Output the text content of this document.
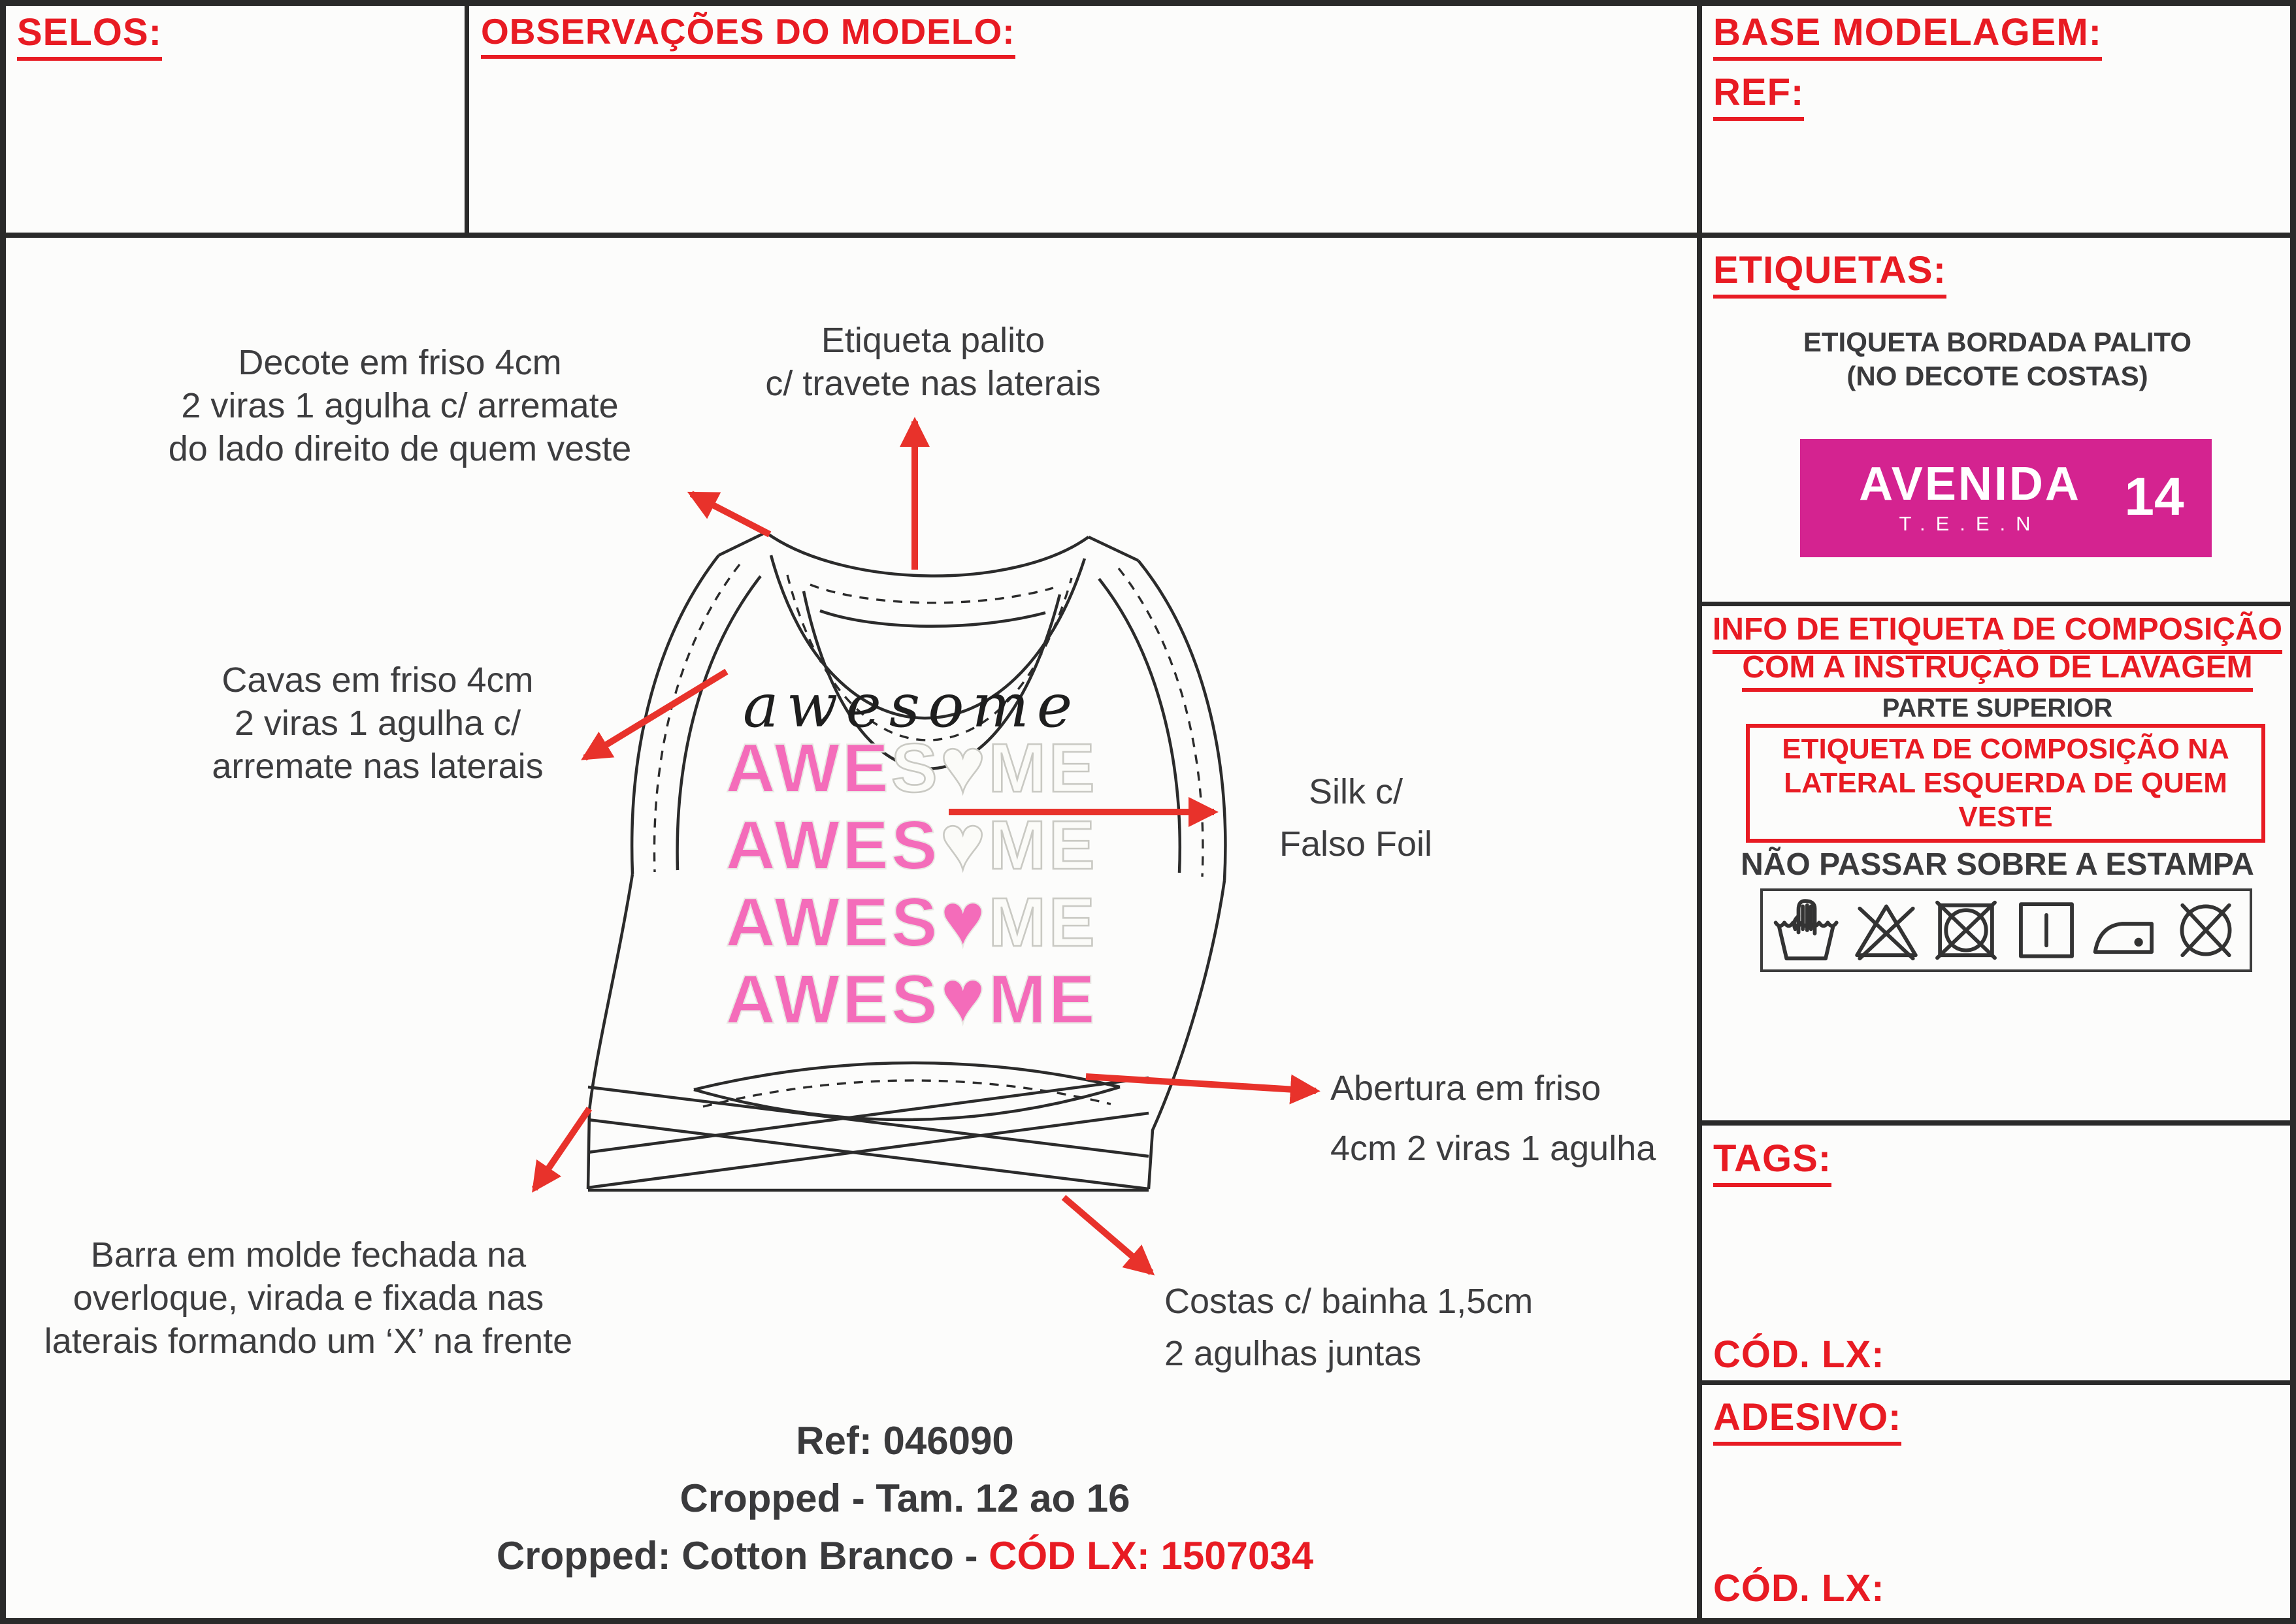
SELOS:	OBSERVAÇÕES DO MODELO:	BASE MODELAGEM:
REF:
ETIQUETAS:
ETIQUETA BORDADA PALITO
(NO DECOTE COSTAS)
AVENIDA
T.E.E.N	14
INFO DE ETIQUETA DE COMPOSIÇÃO
COM A INSTRUÇÃO DE LAVAGEM
PARTE SUPERIOR
ETIQUETA DE COMPOSIÇÃO NA
LATERAL ESQUERDA DE QUEM
VESTE
NÃO PASSAR SOBRE A ESTAMPA
TAGS:
CÓD. LX:
ADESIVO:
CÓD. LX:
awesome
AWES♥ME
AWES♥ME
AWES♥ME
AWES♥ME
Decote em friso 4cm
2 viras 1 agulha c/ arremate
do lado direito de quem veste
Etiqueta palito
c/ travete nas laterais
Cavas em friso 4cm
2 viras 1 agulha c/
arremate nas laterais
Silk c/
Falso Foil
Abertura em friso
4cm 2 viras 1 agulha
Costas c/ bainha 1,5cm
2 agulhas juntas
Barra em molde fechada na
overloque, virada e fixada nas
laterais formando um ‘X’ na frente
Ref: 046090
Cropped - Tam. 12 ao 16
Cropped: Cotton Branco - CÓD LX: 1507034
